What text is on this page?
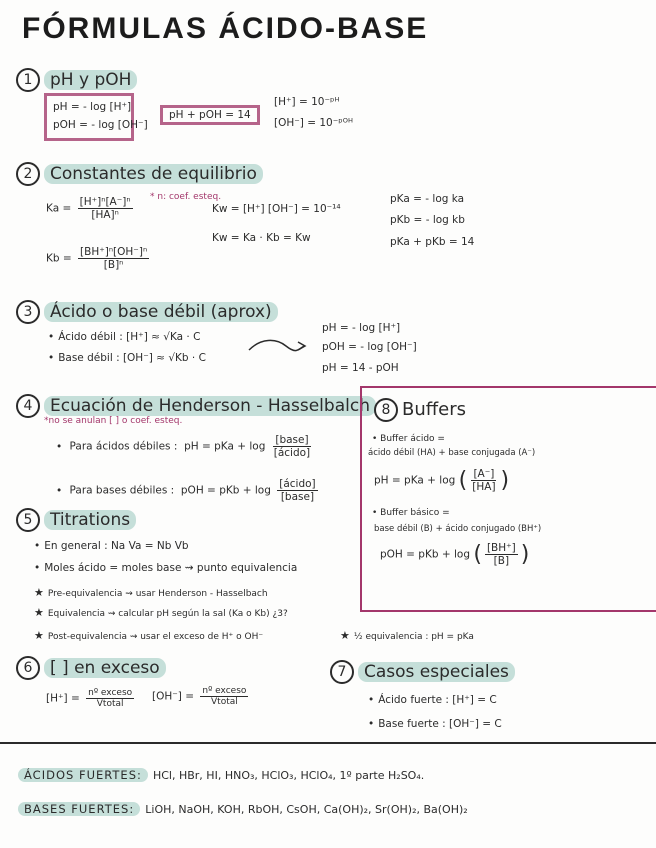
FÓRMULAS ÁCIDO-BASE
1 pH y pOH
pH = - log [H⁺]
pOH = - log [OH⁻]
pH + pOH = 14
[H⁺] = 10⁻ᵖᴴ
[OH⁻] = 10⁻ᵖᴼᴴ
2 Constantes de equilibrio
$Ka = \frac{\text{[H⁺]ⁿ[A⁻]ⁿ}}{\text{[HA]ⁿ}} * n$: coef. esteq.
$Kb = \frac{\text{[BH⁺]ⁿ[OH⁻]ⁿ}}{\text{[B]ⁿ}}$
Kw = [H⁺] [OH⁻] = 10⁻¹⁴
Kw = Ka · Kb = Kw
pKa = - log ka
pKb = - log kb
pKa + pKb = 14
3 Ácido o base débil (aprox)
• Ácido débil : [H⁺] ≈ √Ka · C
• Base débil : [OH⁻] ≈ √Kb · C
pH = - log [H⁺]
pOH = - log [OH⁻]
pH = 14 - pOH
4 Ecuación de Henderson - Hasselbalch
*no se anulan [ ] o coef. esteq.
• Para ácidos débiles : pH = pKa + $\log \frac{\text{[base]}}{\text{[ácido]}}$
• Para bases débiles : pOH = pKb + $\log \frac{\text{[ácido]}}{\text{[base]}}$
5 Titrations
• En general : Na Va = Nb Vb
• Moles ácido = moles base ⇝ punto equivalencia
★ Pre-equivalencia ⇝ usar Henderson - Hasselbach
★ Equivalencia ⇝ calcular pH según la sal (Ka o Kb) ¿3?
★ Post-equivalencia ⇝ usar el exceso de H⁺ o OH⁻
★	½ equivalencia : pH = pKa
6 [ ] en exceso
$[H^+] = \frac{\text{nº exceso}}{\text{Vtotal}} [OH^-] = \frac{\text{nº exceso}}{\text{Vtotal}}$
7 Casos especiales
• Ácido fuerte : [H⁺] = C
• Base fuerte : [OH⁻] = C
8 Buffers
• Buffer ácido =
ácido débil (HA) + base conjugada (A⁻)
pH = pKa + log ( $\frac{[A^-]}{[HA]}$ )
• Buffer básico =
base débil (B) + ácido conjugado (BH⁺)
pOH = pKb + log ( $\frac{[BH^+]}{[B]}$ )
ÁCIDOS FUERTES: HCl, HBr, HI, HNO₃, HClO₃, HClO₄, 1º parte H₂SO₄.
BASES FUERTES: LiOH, NaOH, KOH, RbOH, CsOH, Ca(OH)₂, Sr(OH)₂, Ba(OH)₂
